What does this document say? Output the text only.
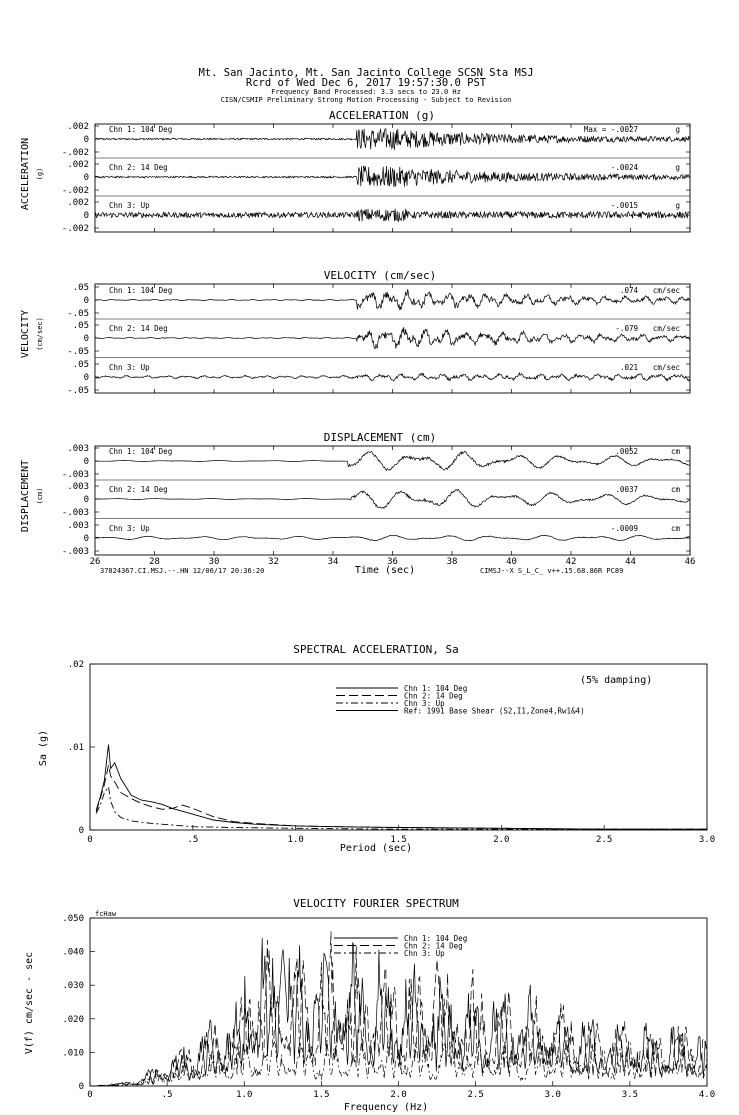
Mt. San Jacinto, Mt. San Jacinto College SCSN Sta MSJ
Rcrd of Wed Dec 6, 2017 19:57:30.0 PST
Frequency Band Processed: 3.3 secs to 23.0 Hz
CISN/CSMIP Preliminary Strong Motion Processing - Subject to Revision
ACCELERATION (g)
VELOCITY (cm/sec)
DISPLACEMENT (cm)
ACCELERATION (g)
VELOCITY (cm/sec)
DISPLACEMENT (cm)
26	28	30	32	34	36	38	40	42	44	46
Time (sec)
37824367.CI.MSJ.--.HN 12/06/17 20:36:20	CIMSJ--X S_L_C_ v++.15.68.86R PC89
.002
0
-.002
Chn 1: 104 Deg	Max = -.0027	g
.002
0
-.002
Chn 2: 14 Deg	-.0024	g
.002
0
-.002
Chn 3: Up	-.0015	g
.05
0
-.05
Chn 1: 104 Deg	.074 cm/sec
.05
0
-.05
Chn 2: 14 Deg	-.079 cm/sec
.05
0
-.05
Chn 3: Up	.021 cm/sec
.003
0
-.003
Chn 1: 104 Deg	.0052	cm
.003
0
-.003
Chn 2: 14 Deg	.0037	cm
.003
0
-.003
Chn 3: Up	-.0009	cm
SPECTRAL ACCELERATION, Sa
Sa (g)
Period (sec)
(5% damping)
Chn 1: 104 Deg
Chn 2: 14 Deg
Chn 3: Up
Ref: 1991 Base Shear (S2,I1,Zone4,Rw1&4)
0	.5	1.0	1.5	2.0	2.5	3.0
.02
.01
0
VELOCITY FOURIER SPECTRUM
fcHaw
V(f) cm/sec - sec
Frequency (Hz)
Chn 1: 104 Deg
Chn 2: 14 Deg
Chn 3: Up
0	.5	1.0	1.5	2.0	2.5	3.0	3.5	4.0
.050
.040
.030
.020
.010
0
